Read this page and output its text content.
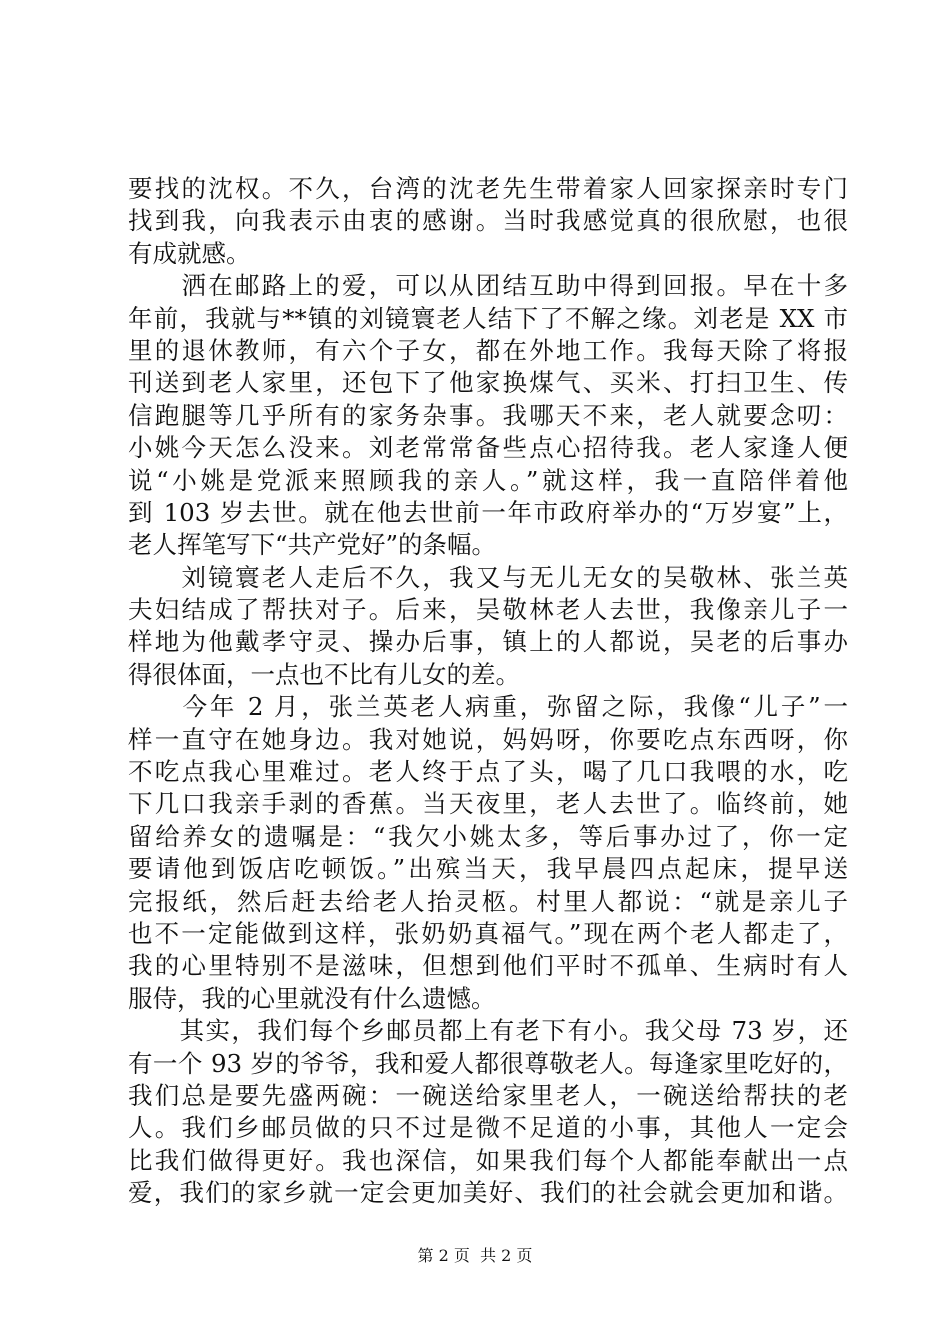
要找的沈权。不久，台湾的沈老先生带着家人回家探亲时专门
找到我，向我表示由衷的感谢。当时我感觉真的很欣慰，也很
有成就感。
　　洒在邮路上的爱，可以从团结互助中得到回报。早在十多
年前，我就与**镇的刘镜寰老人结下了不解之缘。刘老是 XX 市
里的退休教师，有六个子女，都在外地工作。我每天除了将报
刊送到老人家里，还包下了他家换煤气、买米、打扫卫生、传
信跑腿等几乎所有的家务杂事。我哪天不来，老人就要念叨：
小姚今天怎么没来。刘老常常备些点心招待我。老人家逢人便
说“小姚是党派来照顾我的亲人。”就这样，我一直陪伴着他
到 103 岁去世。就在他去世前一年市政府举办的“万岁宴”上，
老人挥笔写下“共产党好”的条幅。
　　刘镜寰老人走后不久，我又与无儿无女的吴敬林、张兰英
夫妇结成了帮扶对子。后来，吴敬林老人去世，我像亲儿子一
样地为他戴孝守灵、操办后事，镇上的人都说，吴老的后事办
得很体面，一点也不比有儿女的差。
　　今年 2 月，张兰英老人病重，弥留之际，我像“儿子”一
样一直守在她身边。我对她说，妈妈呀，你要吃点东西呀，你
不吃点我心里难过。老人终于点了头，喝了几口我喂的水，吃
下几口我亲手剥的香蕉。当天夜里，老人去世了。临终前，她
留给养女的遗嘱是：“我欠小姚太多，等后事办过了，你一定
要请他到饭店吃顿饭。”出殡当天，我早晨四点起床，提早送
完报纸，然后赶去给老人抬灵柩。村里人都说：“就是亲儿子
也不一定能做到这样，张奶奶真福气。”现在两个老人都走了，
我的心里特别不是滋味，但想到他们平时不孤单、生病时有人
服侍，我的心里就没有什么遗憾。
　　其实，我们每个乡邮员都上有老下有小。我父母 73 岁，还
有一个 93 岁的爷爷，我和爱人都很尊敬老人。每逢家里吃好的，
我们总是要先盛两碗：一碗送给家里老人，一碗送给帮扶的老
人。我们乡邮员做的只不过是微不足道的小事，其他人一定会
比我们做得更好。我也深信，如果我们每个人都能奉献出一点
爱，我们的家乡就一定会更加美好、我们的社会就会更加和谐。
第 2 页  共 2 页
